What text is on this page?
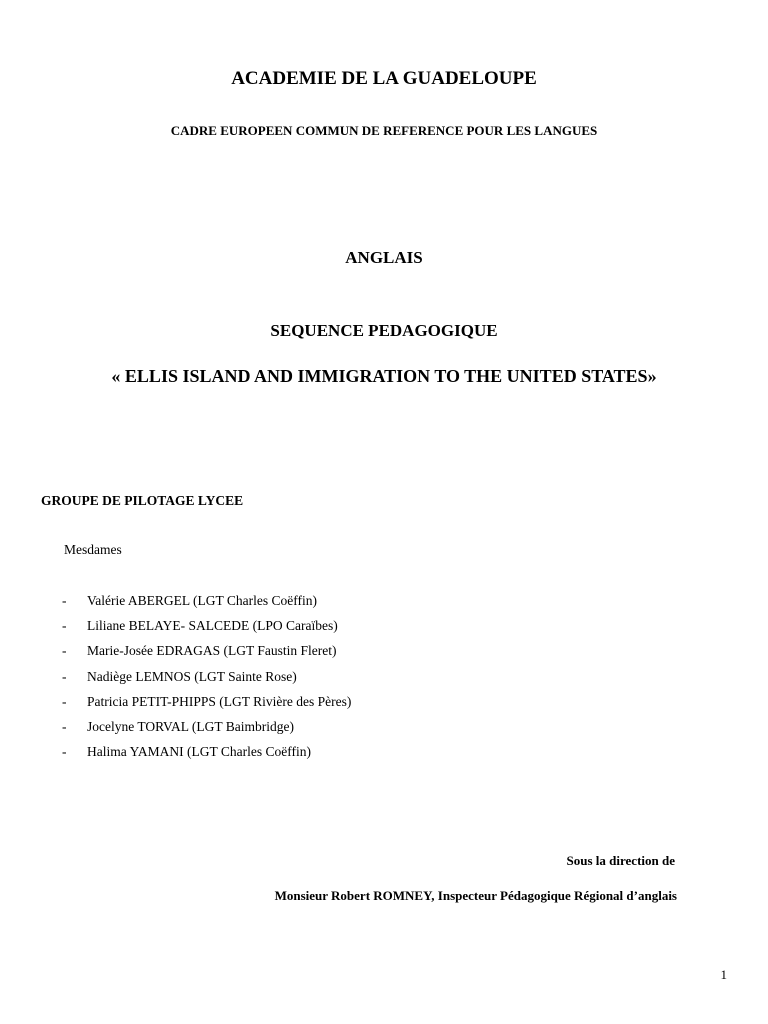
ACADEMIE DE LA GUADELOUPE
CADRE EUROPEEN COMMUN DE REFERENCE POUR LES LANGUES
ANGLAIS
SEQUENCE PEDAGOGIQUE
« ELLIS ISLAND AND IMMIGRATION TO THE UNITED STATES»
GROUPE DE PILOTAGE LYCEE
Mesdames
- Valérie ABERGEL (LGT Charles Coëffin)
- Liliane BELAYE- SALCEDE (LPO Caraïbes)
- Marie-Josée EDRAGAS (LGT Faustin Fleret)
- Nadiège LEMNOS (LGT Sainte Rose)
- Patricia PETIT-PHIPPS (LGT Rivière des Pères)
- Jocelyne TORVAL (LGT Baimbridge)
- Halima YAMANI (LGT Charles Coëffin)
Sous la direction de
Monsieur Robert ROMNEY, Inspecteur Pédagogique Régional d’anglais
1
